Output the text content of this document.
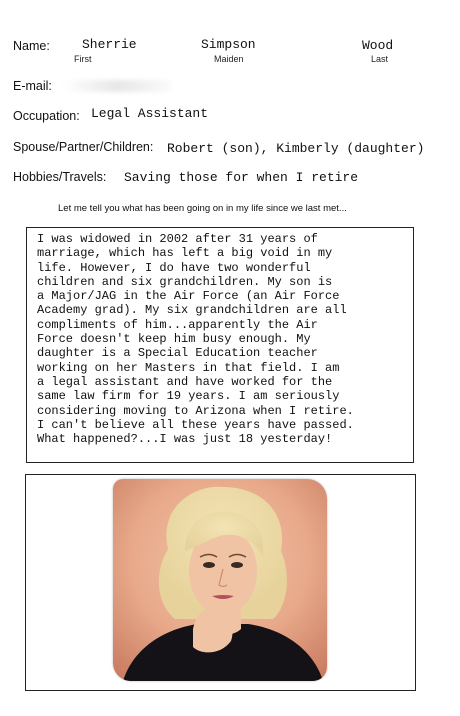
Name: Sherrie
First
Simpson
Maiden
Wood
Last
E-mail:
Occupation: Legal Assistant
Spouse/Partner/Children: Robert (son), Kimberly (daughter)
Hobbies/Travels: Saving those for when I retire
Let me tell you what has been going on in my life since we last met...
I was widowed in 2002 after 31 years of
marriage, which has left a big void in my
life. However, I do have two wonderful
children and six grandchildren. My son is
a Major/JAG in the Air Force (an Air Force
Academy grad). My six grandchildren are all
compliments of him...apparently the Air
Force doesn't keep him busy enough. My
daughter is a Special Education teacher
working on her Masters in that field. I am
a legal assistant and have worked for the
same law firm for 19 years. I am seriously
considering moving to Arizona when I retire.
I can't believe all these years have passed.
What happened?...I was just 18 yesterday!
